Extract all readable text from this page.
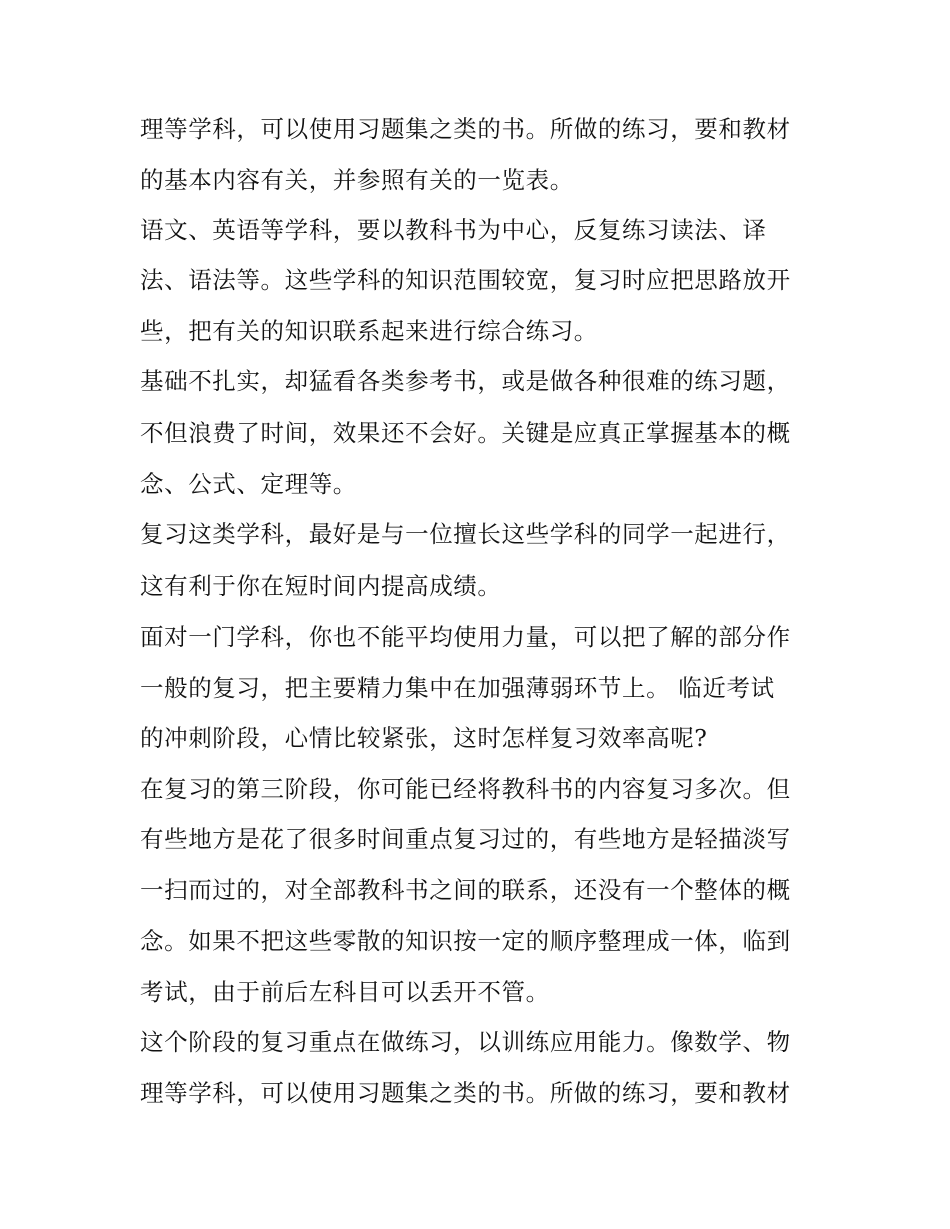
理等学科，可以使用习题集之类的书。所做的练习，要和教材
的基本内容有关，并参照有关的一览表。
语文、英语等学科，要以教科书为中心，反复练习读法、译
法、语法等。这些学科的知识范围较宽，复习时应把思路放开
些，把有关的知识联系起来进行综合练习。
基础不扎实，却猛看各类参考书，或是做各种很难的练习题，
不但浪费了时间，效果还不会好。关键是应真正掌握基本的概
念、公式、定理等。
复习这类学科，最好是与一位擅长这些学科的同学一起进行，
这有利于你在短时间内提高成绩。
面对一门学科，你也不能平均使用力量，可以把了解的部分作
一般的复习，把主要精力集中在加强薄弱环节上。 临近考试
的冲刺阶段，心情比较紧张，这时怎样复习效率高呢?
在复习的第三阶段，你可能已经将教科书的内容复习多次。但
有些地方是花了很多时间重点复习过的，有些地方是轻描淡写
一扫而过的，对全部教科书之间的联系，还没有一个整体的概
念。如果不把这些零散的知识按一定的顺序整理成一体，临到
考试，由于前后左科目可以丢开不管。
这个阶段的复习重点在做练习，以训练应用能力。像数学、物
理等学科，可以使用习题集之类的书。所做的练习，要和教材
